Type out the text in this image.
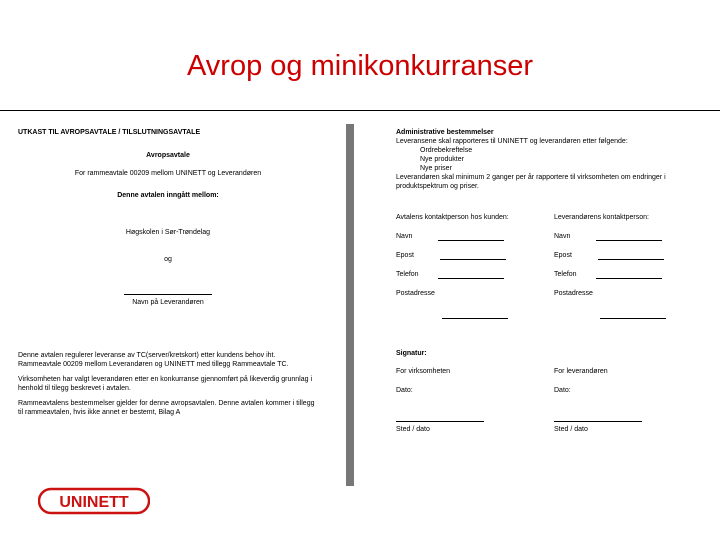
Avrop og minikonkurranser
UTKAST TIL AVROPSAVTALE / TILSLUTNINGSAVTALE
Avropsavtale
For rammeavtale 00209 mellom UNINETT og Leverandøren
Denne avtalen inngått mellom:
Høgskolen i Sør-Trøndelag
og
Navn på Leverandøren

Denne avtalen regulerer leveranse av TC(server/kretskort) etter kundens behov iht. Rammeavtale 00209 mellom Leverandøren og UNINETT med tillegg Rammeavtale TC.

Virksomheten har valgt leverandøren etter en konkurranse gjennomført på likeverdig grunnlag i henhold til tilegg beskrevet i avtalen.

Rammeavtalens bestemmelser gjelder for denne avropsavtalen. Denne avtalen kommer i tillegg til rammeavtalen, hvis ikke annet er bestemt, Bilag A

Administrative bestemmelser
Leveransene skal rapporteres til UNINETT og leverandøren etter følgende:
Ordrebekreftelse
Nye produkter
Nye priser
Leverandøren skal minimum 2 ganger per år rapportere til virksomheten om endringer i produktspektrum og priser.
Avtalens kontaktperson hos kunden:
Navn
Epost
Telefon
Postadresse
Leverandørens kontaktperson:
Navn
Epost
Telefon
Postadresse
Signatur:
For virksomheten
Dato:
Sted / dato
For leverandøren
Dato:
Sted / dato
UNINETT
